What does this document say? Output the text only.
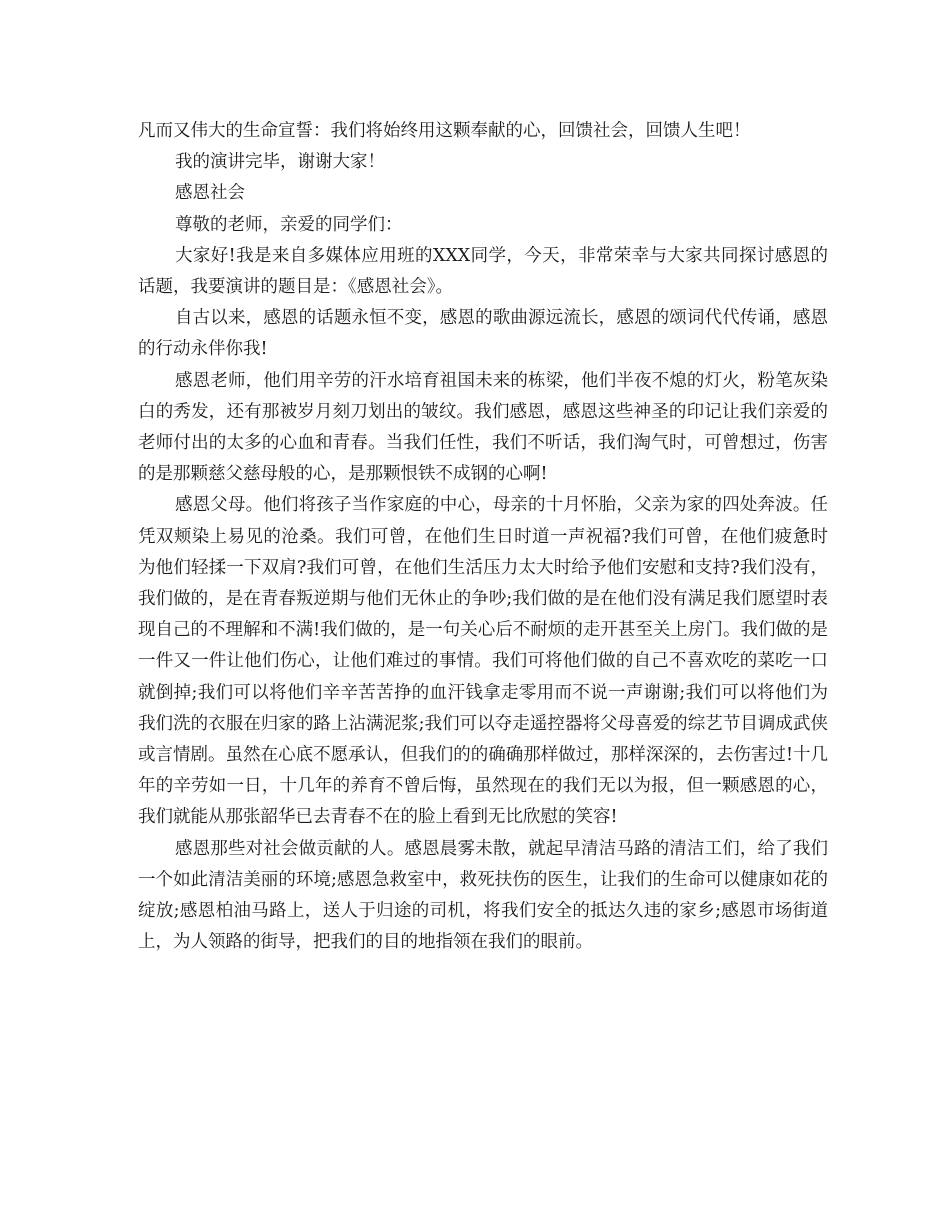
凡而又伟大的生命宣誓：我们将始终用这颗奉献的心，回馈社会，回馈人生吧！

我的演讲完毕，谢谢大家！

感恩社会

尊敬的老师，亲爱的同学们：

大家好!我是来自多媒体应用班的XXX同学，今天，非常荣幸与大家共同探讨感恩的话题，我要演讲的题目是：《感恩社会》。

自古以来，感恩的话题永恒不变，感恩的歌曲源远流长，感恩的颂词代代传诵，感恩的行动永伴你我!

感恩老师，他们用辛劳的汗水培育祖国未来的栋梁，他们半夜不熄的灯火，粉笔灰染白的秀发，还有那被岁月刻刀划出的皱纹。我们感恩，感恩这些神圣的印记让我们亲爱的老师付出的太多的心血和青春。当我们任性，我们不听话，我们淘气时，可曾想过，伤害的是那颗慈父慈母般的心，是那颗恨铁不成钢的心啊!

感恩父母。他们将孩子当作家庭的中心，母亲的十月怀胎，父亲为家的四处奔波。任凭双颊染上易见的沧桑。我们可曾，在他们生日时道一声祝福?我们可曾，在他们疲惫时为他们轻揉一下双肩?我们可曾，在他们生活压力太大时给予他们安慰和支持?我们没有，我们做的，是在青春叛逆期与他们无休止的争吵;我们做的是在他们没有满足我们愿望时表现自己的不理解和不满!我们做的，是一句关心后不耐烦的走开甚至关上房门。我们做的是一件又一件让他们伤心，让他们难过的事情。我们可将他们做的自己不喜欢吃的菜吃一口就倒掉;我们可以将他们辛辛苦苦挣的血汗钱拿走零用而不说一声谢谢;我们可以将他们为我们洗的衣服在归家的路上沾满泥浆;我们可以夺走遥控器将父母喜爱的综艺节目调成武侠或言情剧。虽然在心底不愿承认，但我们的的确确那样做过，那样深深的，去伤害过!十几年的辛劳如一日，十几年的养育不曾后悔，虽然现在的我们无以为报，但一颗感恩的心，我们就能从那张韶华已去青春不在的脸上看到无比欣慰的笑容!

感恩那些对社会做贡献的人。感恩晨雾未散，就起早清洁马路的清洁工们，给了我们一个如此清洁美丽的环境;感恩急救室中，救死扶伤的医生，让我们的生命可以健康如花的绽放;感恩柏油马路上，送人于归途的司机，将我们安全的抵达久违的家乡;感恩市场街道上，为人领路的街导，把我们的目的地指领在我们的眼前。
